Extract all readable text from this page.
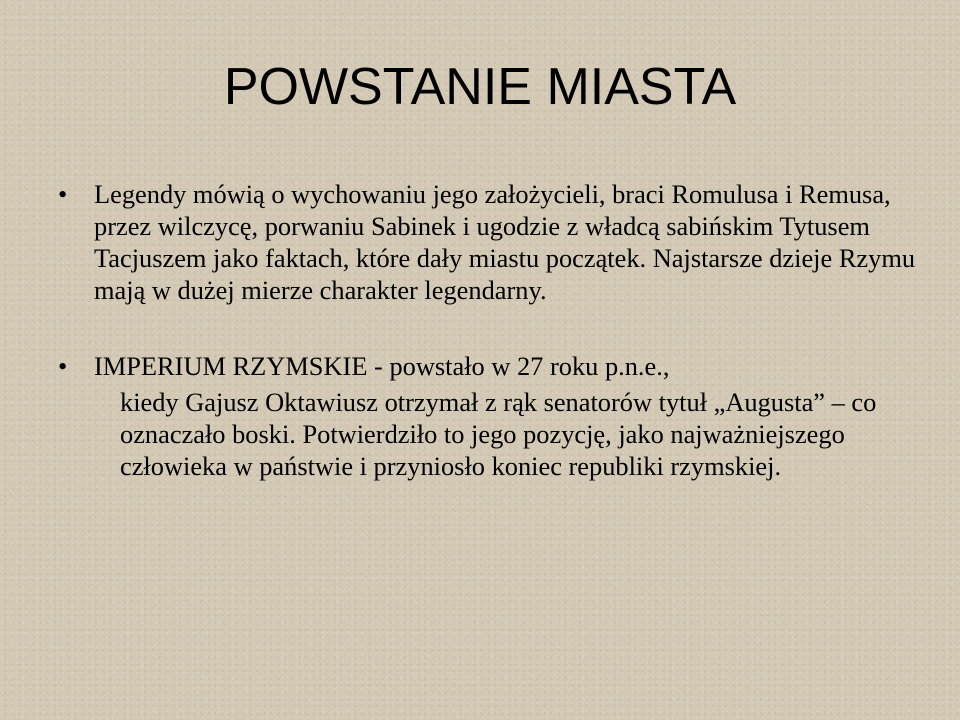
POWSTANIE MIASTA
• Legendy mówią o wychowaniu jego założycieli, braci Romulusa i Remusa, przez wilczycę, porwaniu Sabinek i ugodzie z władcą sabińskim Tytusem Tacjuszem jako faktach, które dały miastu początek. Najstarsze dzieje Rzymu mają w dużej mierze charakter legendarny.

• IMPERIUM RZYMSKIE - powstało w 27 roku p.n.e.,

kiedy Gajusz Oktawiusz otrzymał z rąk senatorów tytuł „Augusta” – co oznaczało boski. Potwierdziło to jego pozycję, jako najważniejszego człowieka w państwie i przyniosło koniec republiki rzymskiej.
